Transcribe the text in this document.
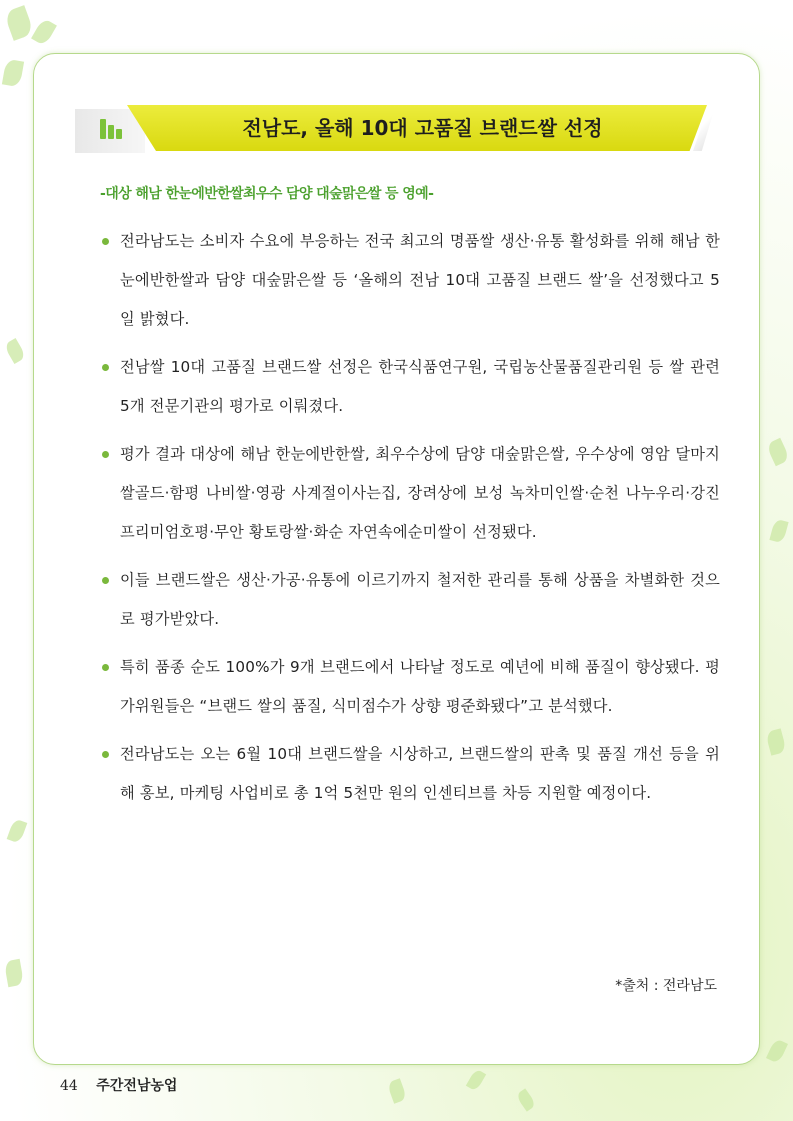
전남도, 올해 10대 고품질 브랜드쌀 선정
-대상 해남 한눈에반한쌀최우수 담양 대숲맑은쌀 등 영예-
전라남도는 소비자 수요에 부응하는 전국 최고의 명품쌀 생산·유통 활성화를 위해 해남 한눈에반한쌀과 담양 대숲맑은쌀 등 ‘올해의 전남 10대 고품질 브랜드 쌀’을 선정했다고 5일 밝혔다.
전남쌀 10대 고품질 브랜드쌀 선정은 한국식품연구원, 국립농산물품질관리원 등 쌀 관련 5개 전문기관의 평가로 이뤄졌다.
평가 결과 대상에 해남 한눈에반한쌀, 최우수상에 담양 대숲맑은쌀, 우수상에 영암 달마지쌀골드·함평 나비쌀·영광 사계절이사는집, 장려상에 보성 녹차미인쌀·순천 나누우리·강진 프리미엄호평·무안 황토랑쌀·화순 자연속에순미쌀이 선정됐다.
이들 브랜드쌀은 생산·가공·유통에 이르기까지 철저한 관리를 통해 상품을 차별화한 것으로 평가받았다.
특히 품종 순도 100%가 9개 브랜드에서 나타날 정도로 예년에 비해 품질이 향상됐다. 평가위원들은 “브랜드 쌀의 품질, 식미점수가 상향 평준화됐다”고 분석했다.
전라남도는 오는 6월 10대 브랜드쌀을 시상하고, 브랜드쌀의 판촉 및 품질 개선 등을 위해 홍보, 마케팅 사업비로 총 1억 5천만 원의 인센티브를 차등 지원할 예정이다.
*출처 : 전라남도
44 주간전남농업
